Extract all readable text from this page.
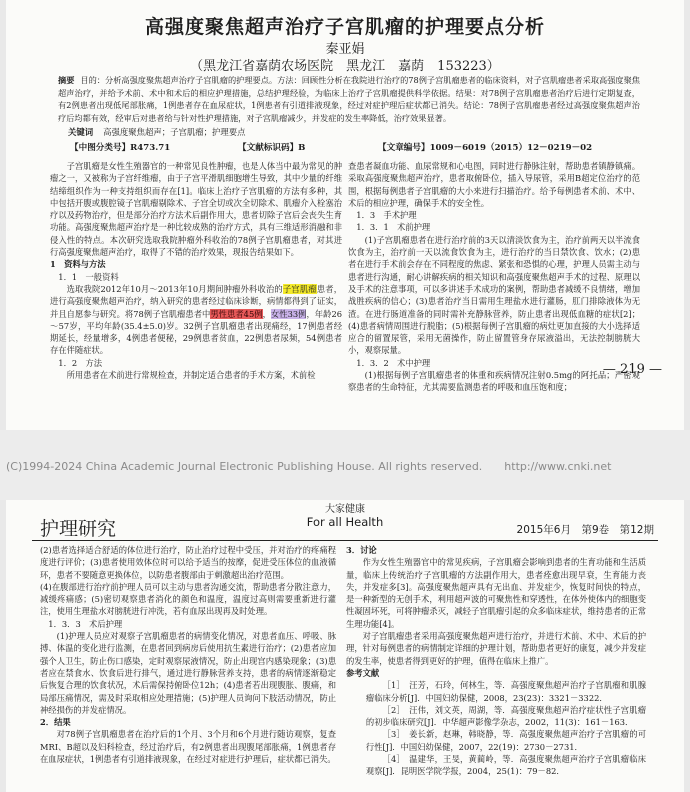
高强度聚焦超声治疗子宫肌瘤的护理要点分析
秦亚娟
（黑龙江省嘉荫农场医院　黑龙江　嘉荫　153223）
摘要 目的：分析高强度聚焦超声治疗子宫肌瘤的护理要点。方法：回顾性分析在我院进行治疗的78例子宫肌瘤患者的临床资料，对子宫肌瘤患者采取高强度聚焦超声治疗，并给予术前、术中和术后的相应护理措施，总结护理经验，为临床上治疗子宫肌瘤提供科学依据。结果：对78例子宫肌瘤患者治疗后进行定期复查，有2例患者出现低尾部胀痛，1例患者存在血尿症状，1例患者有引道排液现象，经过对症护理后症状都已消失。结论：78例子宫肌瘤患者经过高强度聚焦超声治疗后均都有效，经审后对患者给与针对性护理措施，对子宫肌瘤减少，并发症的发生率降低，治疗效果显著。
关键词 高强度聚焦超声；子宫肌瘤；护理要点
【中图分类号】R473.71	【文献标识码】B	【文章编号】1009－6019（2015）12－0219－02

子宫肌瘤是女性生殖器官的一种常见良性肿瘤，也是人体当中最为常见的肿瘤之一，又被称为子宫纤维瘤，由于子宫平滑肌细胞增生导致，其中少量的纤维结缔组织作为一种支持组织而存在[1]。临床上治疗子宫肌瘤的方法有多种，其中包括开腹或腹腔镜子宫肌瘤剔除术、子宫全切或次全切除术、肌瘤介入栓塞治疗以及药物治疗，但是部分治疗方法术后副作用大，患者切除子宫后会丧失生育功能。高强度聚焦超声治疗是一种比较成熟的治疗方式，具有三维适形消融和非侵入性的特点。本次研究选取我院肿瘤外科收治的78例子宫肌瘤患者，对其进行高强度聚焦超声治疗，取得了不错的治疗效果，现报告结果如下。

1　资料与方法

1．1　一般资料

选取我院2012年10月～2013年10月期间肿瘤外科收治的子宫肌瘤患者，进行高强度聚焦超声治疗，纳入研究的患者经过临床诊断，病情都得到了证实，并且自愿参与研究。将78例子宫肌瘤患者中男性患者45例，女性33例，年龄26～57岁，平均年龄(35.4±5.0)岁。32例子宫肌瘤患者出现痛经，17例患者经期延长，经量增多，4例患者便秘，29例患者贫血，22例患者尿频，54例患者存在伴随症状。

1．2　方法

所用患者在术前进行常规检查，并制定适合患者的手术方案，术前检

查患者凝血功能、血尿常规和心电图，同时进行静脉注射，帮助患者镇静镇痛。采取高强度聚焦超声治疗，患者取俯卧位，插入导尿管，采用B超定位治疗的范围，根据每例患者子宫肌瘤的大小来进行扫描治疗。给予每例患者术前、术中、术后的相应护理，确保手术的安全性。

1．3　手术护理

1．3．1　术前护理

(1)子宫肌瘤患者在进行治疗前的3天以清淡饮食为主，治疗前两天以半流食饮食为主，治疗前一天以流食饮食为主，进行治疗的当日禁饮食、饮水；(2)患者在进行手术前会存在不同程度的焦虑、紧张和恐惧的心理，护理人员需主动与患者进行沟通，耐心讲解疾病的相关知识和高强度聚焦超声手术的过程、原理以及手术的注意事项，可以多讲述手术成功的案例，帮助患者减缓不良情绪，增加战胜疾病的信心；(3)患者治疗当日需用生理盐水进行灌肠，肛门排除液体为无渣。在进行肠道准备的同时需补充静脉营养，防止患者出现低血糖的症状[2]；(4)患者病情周围进行脱脂；(5)根据每例子宫肌瘤的病灶更加直接的大小选择适应合的留置尿管，采用无菌操作，防止留置管身存尿液溢出，无法控制膀胱大小，观察尿量。

1．3．2　术中护理

(1)根据每例子宫肌瘤患者的体重和疾病情况注射0.5mg的阿托品；严密观察患者的生命特征，尤其需要监测患者的呼吸和血压饱和度；

— 219 —
(C)1994-2024 China Academic Journal Electronic Publishing House. All rights reserved.　　http://www.cnki.net
护理研究
大家健康
For all Health
2015年6月　第9卷　第12期

(2)患者选择适合舒适的体位进行治疗，防止治疗过程中受压，并对治疗的疼痛程度进行评价；(3)患者使用效体位时可以给予适当的按摩，促进受压体位的血液循环，患者不要随意更换体位，以防患者腹部由于刺激超出治疗范围。

(4)在腹部进行治疗前护理人员可以主动与患者沟通交流，帮助患者分散注意力，减缓疼痛感；(5)密切观察患者消化的颜色和温度，温度过高则需要重新进行灌注，使用生理盐水对膀胱进行冲洗，若有血尿出现再及时处理。

1．3．3　术后护理

(1)护理人员应对观察子宫肌瘤患者的病情变化情况，对患者血压、呼吸、脉搏、体温的变化进行监测，在患者回到病房后使用抗生素进行治疗；(2)患者应加强个人卫生，防止伤口感染，定时观察尿液情况，防止出现宫内感染现象；(3)患者应在禁食水、饮食后进行排气，通过进行静脉营养支持，患者的病情逐渐稳定后恢复合理的饮食状况，术后需保持俯卧位12h；(4)患者若出现腹胀、腹痛，和局部压痛情况，需及时采取相应处理措施；(5)护理人员询问下肢活动情况，防止神经损伤的并发症情况。

2．结果

对78例子宫肌瘤患者在治疗后的1个月、3个月和6个月进行随访观察，复查MRI、B超以及妇科检查，经过治疗后，有2例患者出现腹尾部胀痛，1例患者存在血尿症状，1例患者有引道排液现象，在经过对症进行护理后，症状都已消失。

3．讨论

作为女性生殖器官中的常见疾病，子宫肌瘤会影响到患者的生育功能和生活质量，临床上传统治疗子宫肌瘤的方法副作用大，患者痊愈出现早衰，生育能力丧失，并发症多[3]。高强度聚焦超声具有无出血、并发症少，恢复时间快的特点，是一种新型的无创手术，利用超声波的可聚焦性和穿透性，在体外使体内的细胞变性凝固坏死，可将肿瘤杀灭，减轻子宫肌瘤引起的众多临床症状，维持患者的正常生理功能[4]。

对子宫肌瘤患者采用高强度聚焦超声进行治疗，并进行术前、术中、术后的护理，针对每例患者的病情制定详细的护理计划，帮助患者更好的康复，减少并发症的发生率，使患者得到更好的护理，值得在临床上推广。

参考文献

［1］　汪芳，石玲，何林生，等．高强度聚焦超声治疗子宫肌瘤和肌腺瘤临床分析[J]．中国妇幼保健，2008，23(23)：3321－3322．

［2］　汪伟，刘文英，周湖，等．高强度聚焦超声治疗症状性子宫肌瘤的初步临床研究[J]．中华超声影像学杂志，2002，11(3)：161－163．

［3］　姜长新，赵琳，韩晓静，等．高强度聚焦超声治疗子宫肌瘤的可行性[J]．中国妇幼保健，2007，22(19)：2730－2731．

［4］　温建华，王旻，黄蔺岭，等．高强度聚焦超声治疗子宫肌瘤临床观察[J]．昆明医学院学报，2004，25(1)：79－82．
